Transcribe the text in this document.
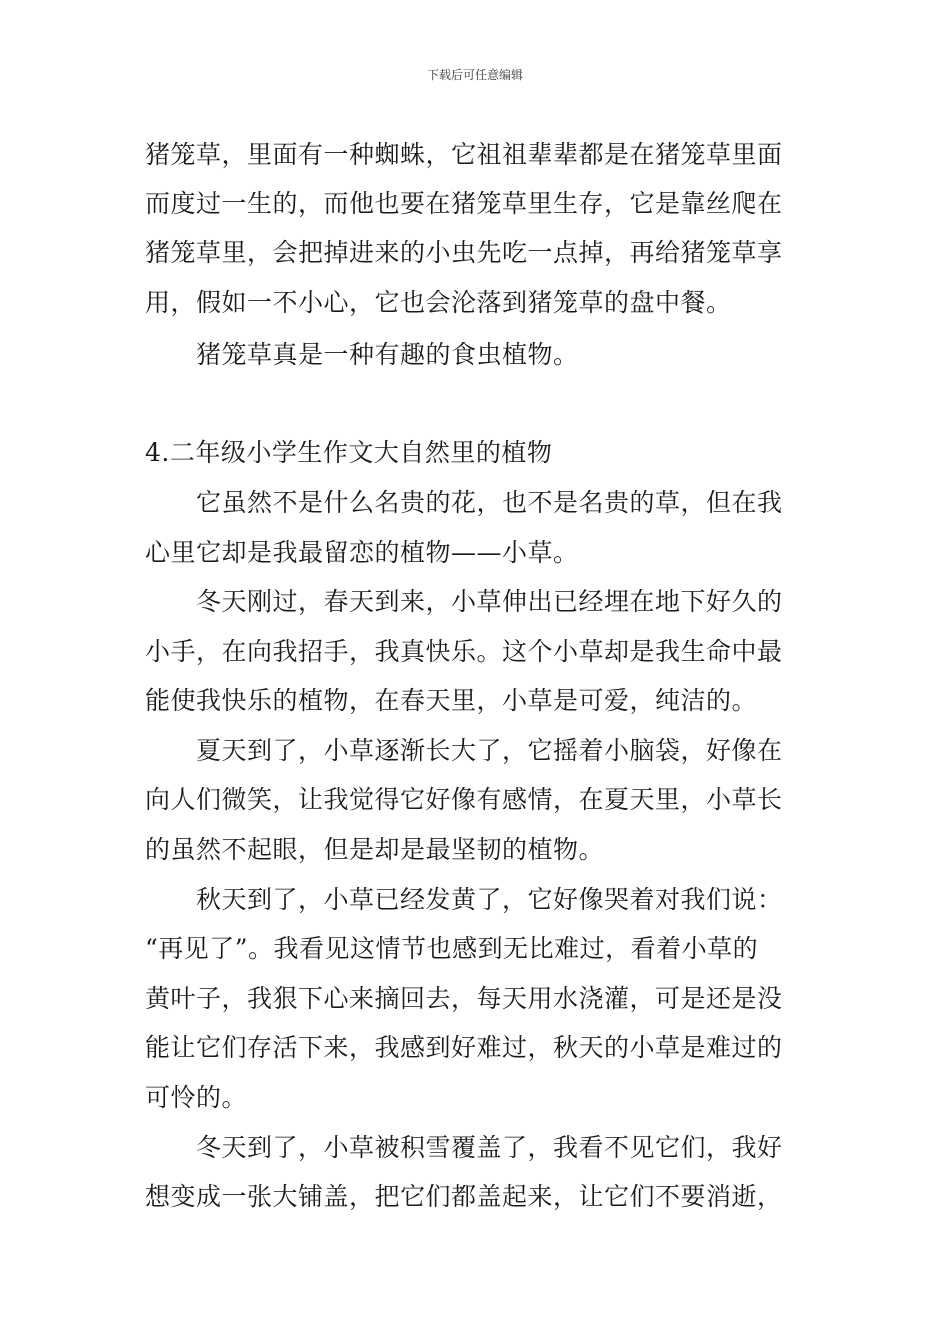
下载后可任意编辑
猪笼草，里面有一种蜘蛛，它祖祖辈辈都是在猪笼草里面
而度过一生的，而他也要在猪笼草里生存，它是靠丝爬在
猪笼草里，会把掉进来的小虫先吃一点掉，再给猪笼草享
用，假如一不小心，它也会沦落到猪笼草的盘中餐。
猪笼草真是一种有趣的食虫植物。
4.二年级小学生作文大自然里的植物
它虽然不是什么名贵的花，也不是名贵的草，但在我
心里它却是我最留恋的植物——小草。
冬天刚过，春天到来，小草伸出已经埋在地下好久的
小手，在向我招手，我真快乐。这个小草却是我生命中最
能使我快乐的植物，在春天里，小草是可爱，纯洁的。
夏天到了，小草逐渐长大了，它摇着小脑袋，好像在
向人们微笑，让我觉得它好像有感情，在夏天里，小草长
的虽然不起眼，但是却是最坚韧的植物。
秋天到了，小草已经发黄了，它好像哭着对我们说：
“再见了”。我看见这情节也感到无比难过，看着小草的
黄叶子，我狠下心来摘回去，每天用水浇灌，可是还是没
能让它们存活下来，我感到好难过，秋天的小草是难过的
可怜的。
冬天到了，小草被积雪覆盖了，我看不见它们，我好
想变成一张大铺盖，把它们都盖起来，让它们不要消逝，
